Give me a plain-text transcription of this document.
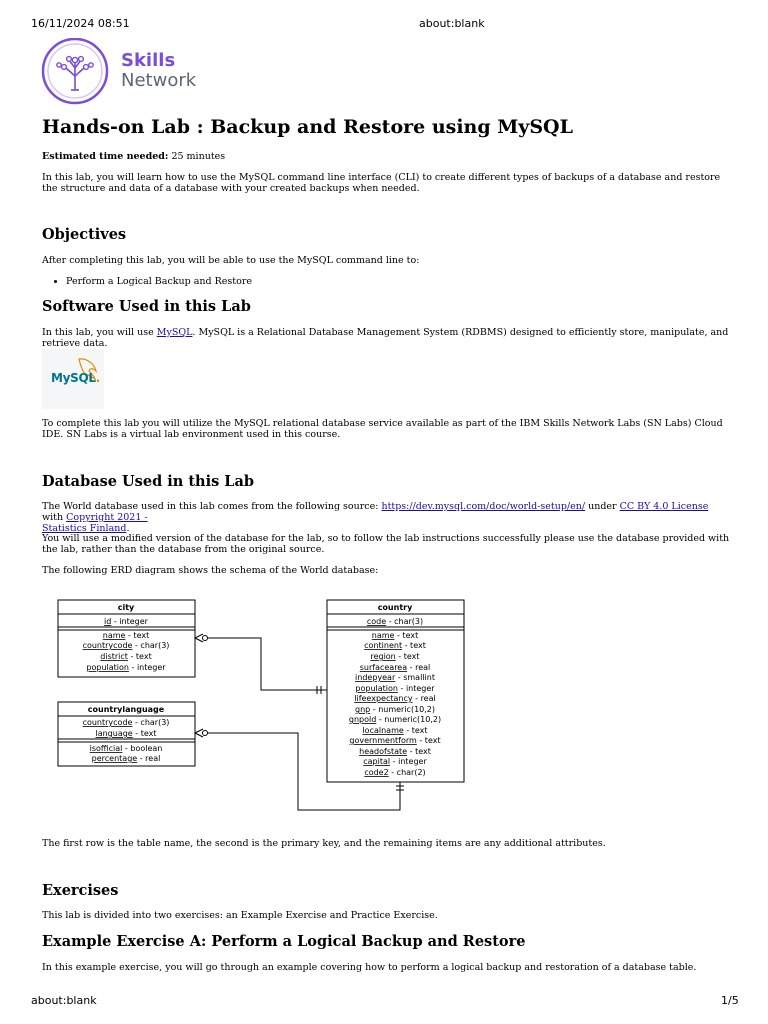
16/11/2024 08:51	about:blank
about:blank	1/5
Skills
Network
Hands-on Lab : Backup and Restore using MySQL

Estimated time needed: 25 minutes

In this lab, you will learn how to use the MySQL command line interface (CLI) to create different types of backups of a database and restore the structure and data of a database with your created backups when needed.

Objectives

After completing this lab, you will be able to use the MySQL command line to:

• Perform a Logical Backup and Restore
Software Used in this Lab

In this lab, you will use MySQL. MySQL is a Relational Database Management System (RDBMS) designed to efficiently store, manipulate, and retrieve data.

MySQL.

To complete this lab you will utilize the MySQL relational database service available as part of the IBM Skills Network Labs (SN Labs) Cloud IDE. SN Labs is a virtual lab environment used in this course.

Database Used in this Lab

The World database used in this lab comes from the following source: https://dev.mysql.com/doc/world-setup/en/ under CC BY 4.0 License with Copyright 2021 -
Statistics Finland.

You will use a modified version of the database for the lab, so to follow the lab instructions successfully please use the database provided with the lab, rather than the database from the original source.

The following ERD diagram shows the schema of the World database:

city
id - integer
name - text
countrycode - char(3)
district - text
population - integer
countrylanguage
countrycode - char(3)
language - text
isofficial - boolean
percentage - real
country
code - char(3)
name - text
continent - text
region - text
surfacearea - real
indepyear - smallint
population - integer
lifeexpectancy - real
gnp - numeric(10,2)
gnpold - numeric(10,2)
localname - text
governmentform - text
headofstate - text
capital - integer
code2 - char(2)

The first row is the table name, the second is the primary key, and the remaining items are any additional attributes.

Exercises

This lab is divided into two exercises: an Example Exercise and Practice Exercise.

Example Exercise A: Perform a Logical Backup and Restore

In this example exercise, you will go through an example covering how to perform a logical backup and restoration of a database table.
